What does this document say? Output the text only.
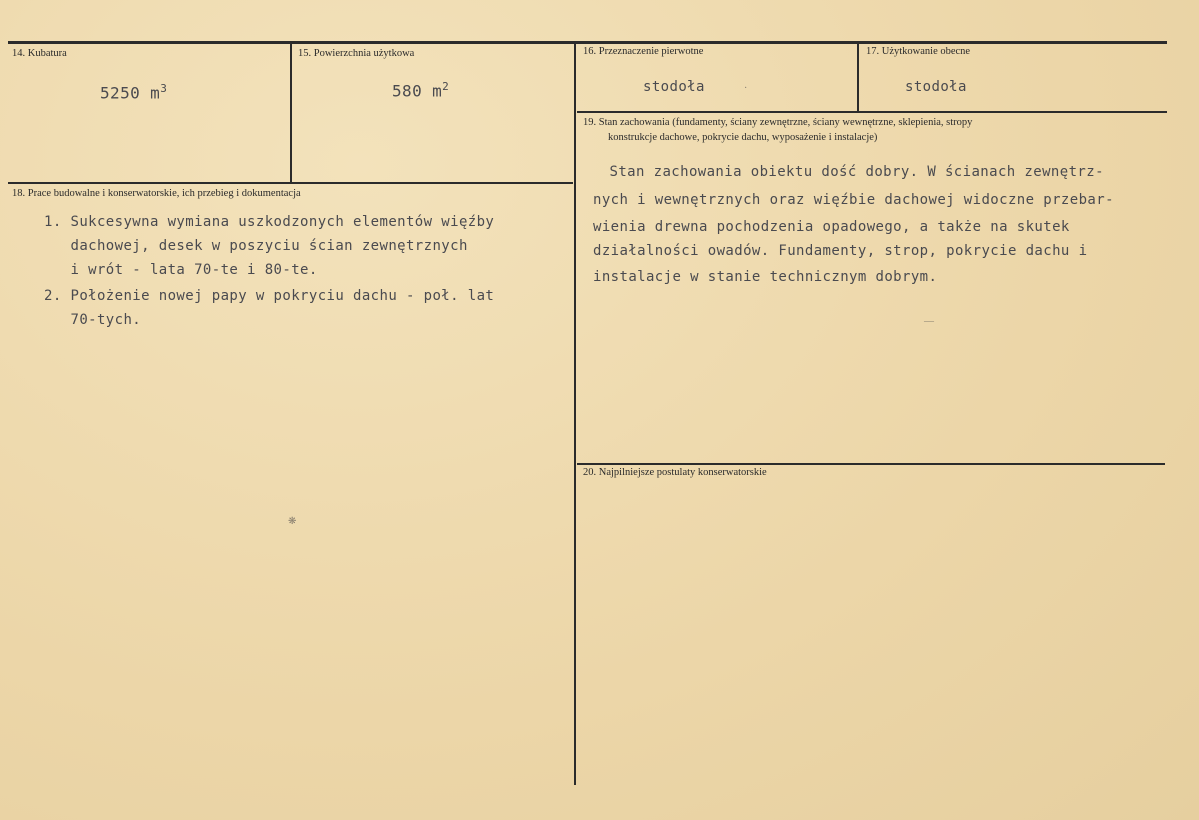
14. Kubatura
5250 $m^3$
15. Powierzchnia użytkowa
580 $m^2$
16. Przeznaczenie pierwotne
stodoła	·
17. Użytkowanie obecne
stodoła
19. Stan zachowania (fundamenty, ściany zewnętrzne, ściany wewnętrzne, sklepienia, stropy
konstrukcje dachowe, pokrycie dachu, wyposażenie i instalacje)
Stan zachowania obiektu dość dobry. W ścianach zewnętrz-
nych i wewnętrznych oraz więźbie dachowej widoczne przebar-
wienia drewna pochodzenia opadowego, a także na skutek
działalności owadów. Fundamenty, strop, pokrycie dachu i
instalacje w stanie technicznym dobrym.
18. Prace budowalne i konserwatorskie, ich przebieg i dokumentacja
1. Sukcesywna wymiana uszkodzonych elementów więźby
dachowej, desek w poszyciu ścian zewnętrznych
i wrót - lata 70-te i 80-te.
2. Położenie nowej papy w pokryciu dachu - poł. lat
70-tych.
20. Najpilniejsze postulaty konserwatorskie
❋
—
